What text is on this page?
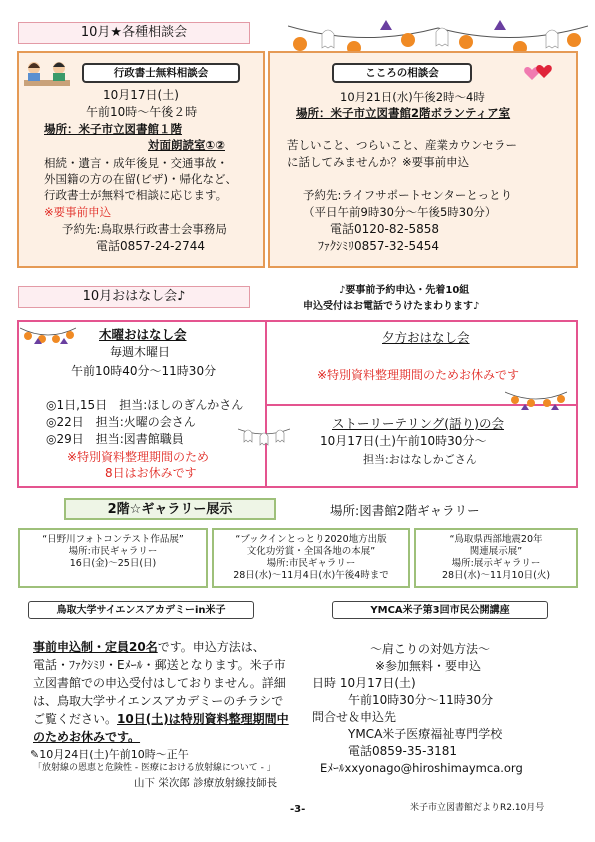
10月★各種相談会
行政書士無料相談会
10月17日(土)
午前10時〜午後２時
場所：米子市立図書館１階
対面朗読室①②
相続・遺言・成年後見・交通事故・
外国籍の方の在留(ビザ)・帰化など、
行政書士が無料で相談に応じます。
※要事前申込
予約先:鳥取県行政書士会事務局
電話0857-24-2744
こころの相談会
10月21日(水)午後2時〜4時
場所：米子市立図書館2階ボランティア室
苦しいこと、つらいこと、産業カウンセラー
に話してみませんか？※要事前申込
予約先:ライフサポートセンターとっとり
（平日午前9時30分〜午後5時30分）
電話0120-82-5858
ﾌｧｸｼﾐﾘ0857-32-5454
10月おはなし会♪	♪要事前予約申込・先着10組
申込受付はお電話でうけたまわります♪
木曜おはなし会
毎週木曜日
午前10時40分〜11時30分
◎1日,15日　担当:ほしのぎんかさん
◎22日　担当:火曜の会さん
◎29日　担当:図書館職員
※特別資料整理期間のため
8日はお休みです
夕方おはなし会
※特別資料整理期間のためお休みです
ストーリーテリング(語り)の会
10月17日(土)午前10時30分〜
担当:おはなしかごさん
2階☆ギャラリー展示	場所:図書館2階ギャラリー
“日野川フォトコンテスト作品展”
場所:市民ギャラリー
16日(金)〜25日(日)
“ブックインとっとり2020地方出版
文化功労賞・全国各地の本展”
場所:市民ギャラリー
28日(水)〜11月4日(水)午後4時まで
“鳥取県西部地震20年
関連展示展”
場所:展示ギャラリー
28日(水)〜11月10日(火)
鳥取大学サイエンスアカデミーin米子
事前申込制・定員20名です。申込方法は、
電話・ﾌｧｸｼﾐﾘ・Eﾒｰﾙ・郵送となります。米子市
立図書館での申込受付はしておりません。詳細
は、鳥取大学サイエンスアカデミーのチラシで
ご覧ください。10日(土)は特別資料整理期間中
のためお休みです。
✎10月24日(土)午前10時〜正午
「放射線の恩恵と危険性 - 医療における放射線について - 」
山下 栄次郎 診療放射線技師長
YMCA米子第3回市民公開講座
〜肩こりの対処方法〜
※参加無料・要申込
日時 10月17日(土)
午前10時30分〜11時30分
問合せ＆申込先
YMCA米子医療福祉専門学校
電話0859-35-3181
Eﾒｰﾙxxyonago@hiroshimaymca.org
-3-	米子市立図書館だよりR2.10月号
